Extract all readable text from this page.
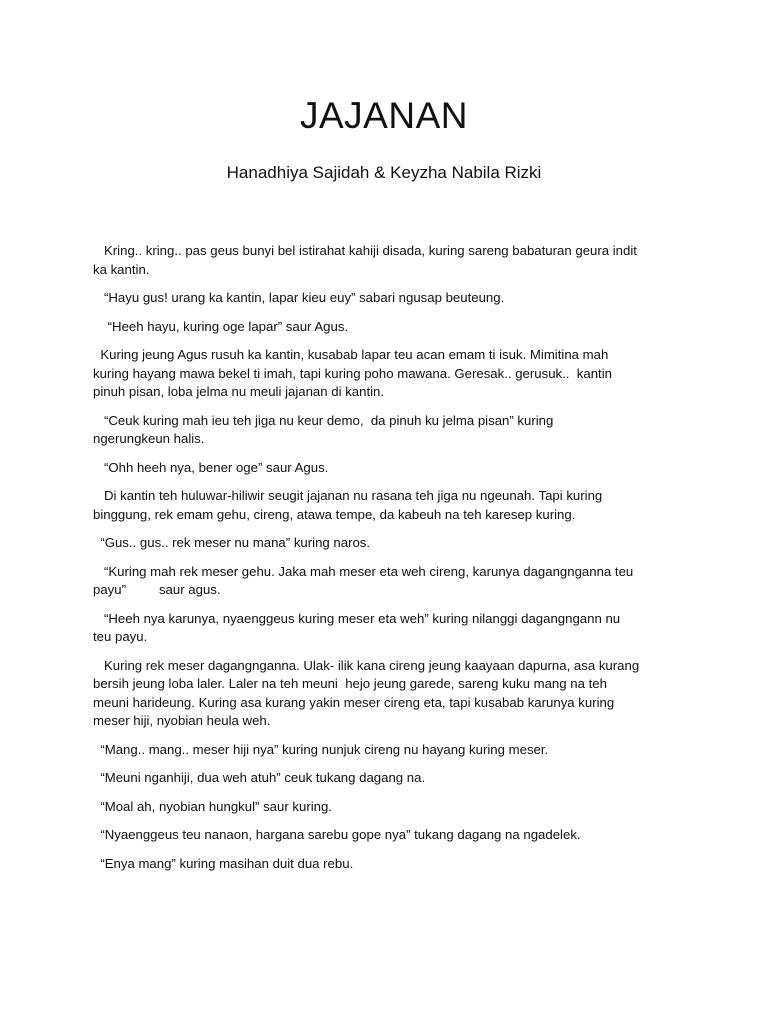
JAJANAN

Hanadhiya Sajidah & Keyzha Nabila Rizki

Kring.. kring.. pas geus bunyi bel istirahat kahiji disada, kuring sareng babaturan geura indit
ka kantin.

“Hayu gus! urang ka kantin, lapar kieu euy” sabari ngusap beuteung.

“Heeh hayu, kuring oge lapar” saur Agus.

Kuring jeung Agus rusuh ka kantin, kusabab lapar teu acan emam ti isuk. Mimitina mah
kuring hayang mawa bekel ti imah, tapi kuring poho mawana. Geresak.. gerusuk..  kantin
pinuh pisan, loba jelma nu meuli jajanan di kantin.

“Ceuk kuring mah ieu teh jiga nu keur demo,  da pinuh ku jelma pisan” kuring
ngerungkeun halis.

“Ohh heeh nya, bener oge” saur Agus.

Di kantin teh huluwar-hiliwir seugit jajanan nu rasana teh jiga nu ngeunah. Tapi kuring
binggung, rek emam gehu, cireng, atawa tempe, da kabeuh na teh karesep kuring.

“Gus.. gus.. rek meser nu mana” kuring naros.

“Kuring mah rek meser gehu. Jaka mah meser eta weh cireng, karunya dagangnganna teu
payu”         saur agus.

“Heeh nya karunya, nyaenggeus kuring meser eta weh” kuring nilanggi dagangngann nu
teu payu.

Kuring rek meser dagangnganna. Ulak- ilik kana cireng jeung kaayaan dapurna, asa kurang
bersih jeung loba laler. Laler na teh meuni  hejo jeung garede, sareng kuku mang na teh
meuni harideung. Kuring asa kurang yakin meser cireng eta, tapi kusabab karunya kuring
meser hiji, nyobian heula weh.

“Mang.. mang.. meser hiji nya” kuring nunjuk cireng nu hayang kuring meser.

“Meuni nganhiji, dua weh atuh” ceuk tukang dagang na.

“Moal ah, nyobian hungkul” saur kuring.

“Nyaenggeus teu nanaon, hargana sarebu gope nya” tukang dagang na ngadelek.

“Enya mang” kuring masihan duit dua rebu.
